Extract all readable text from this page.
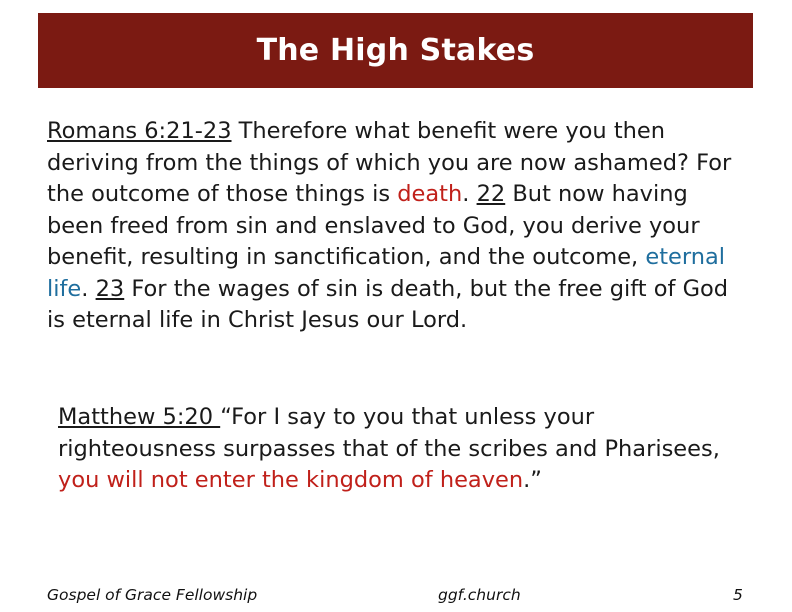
The High Stakes

Romans 6:21-23 Therefore what benefit were you then deriving from the things of which you are now ashamed? For the outcome of those things is death. 22 But now having been freed from sin and enslaved to God, you derive your benefit, resulting in sanctification, and the outcome, eternal life. 23 For the wages of sin is death, but the free gift of God is eternal life in Christ Jesus our Lord.

Matthew 5:20 “For I say to you that unless your righteousness surpasses that of the scribes and Pharisees, you will not enter the kingdom of heaven.”

Gospel of Grace Fellowship	ggf.church	5
